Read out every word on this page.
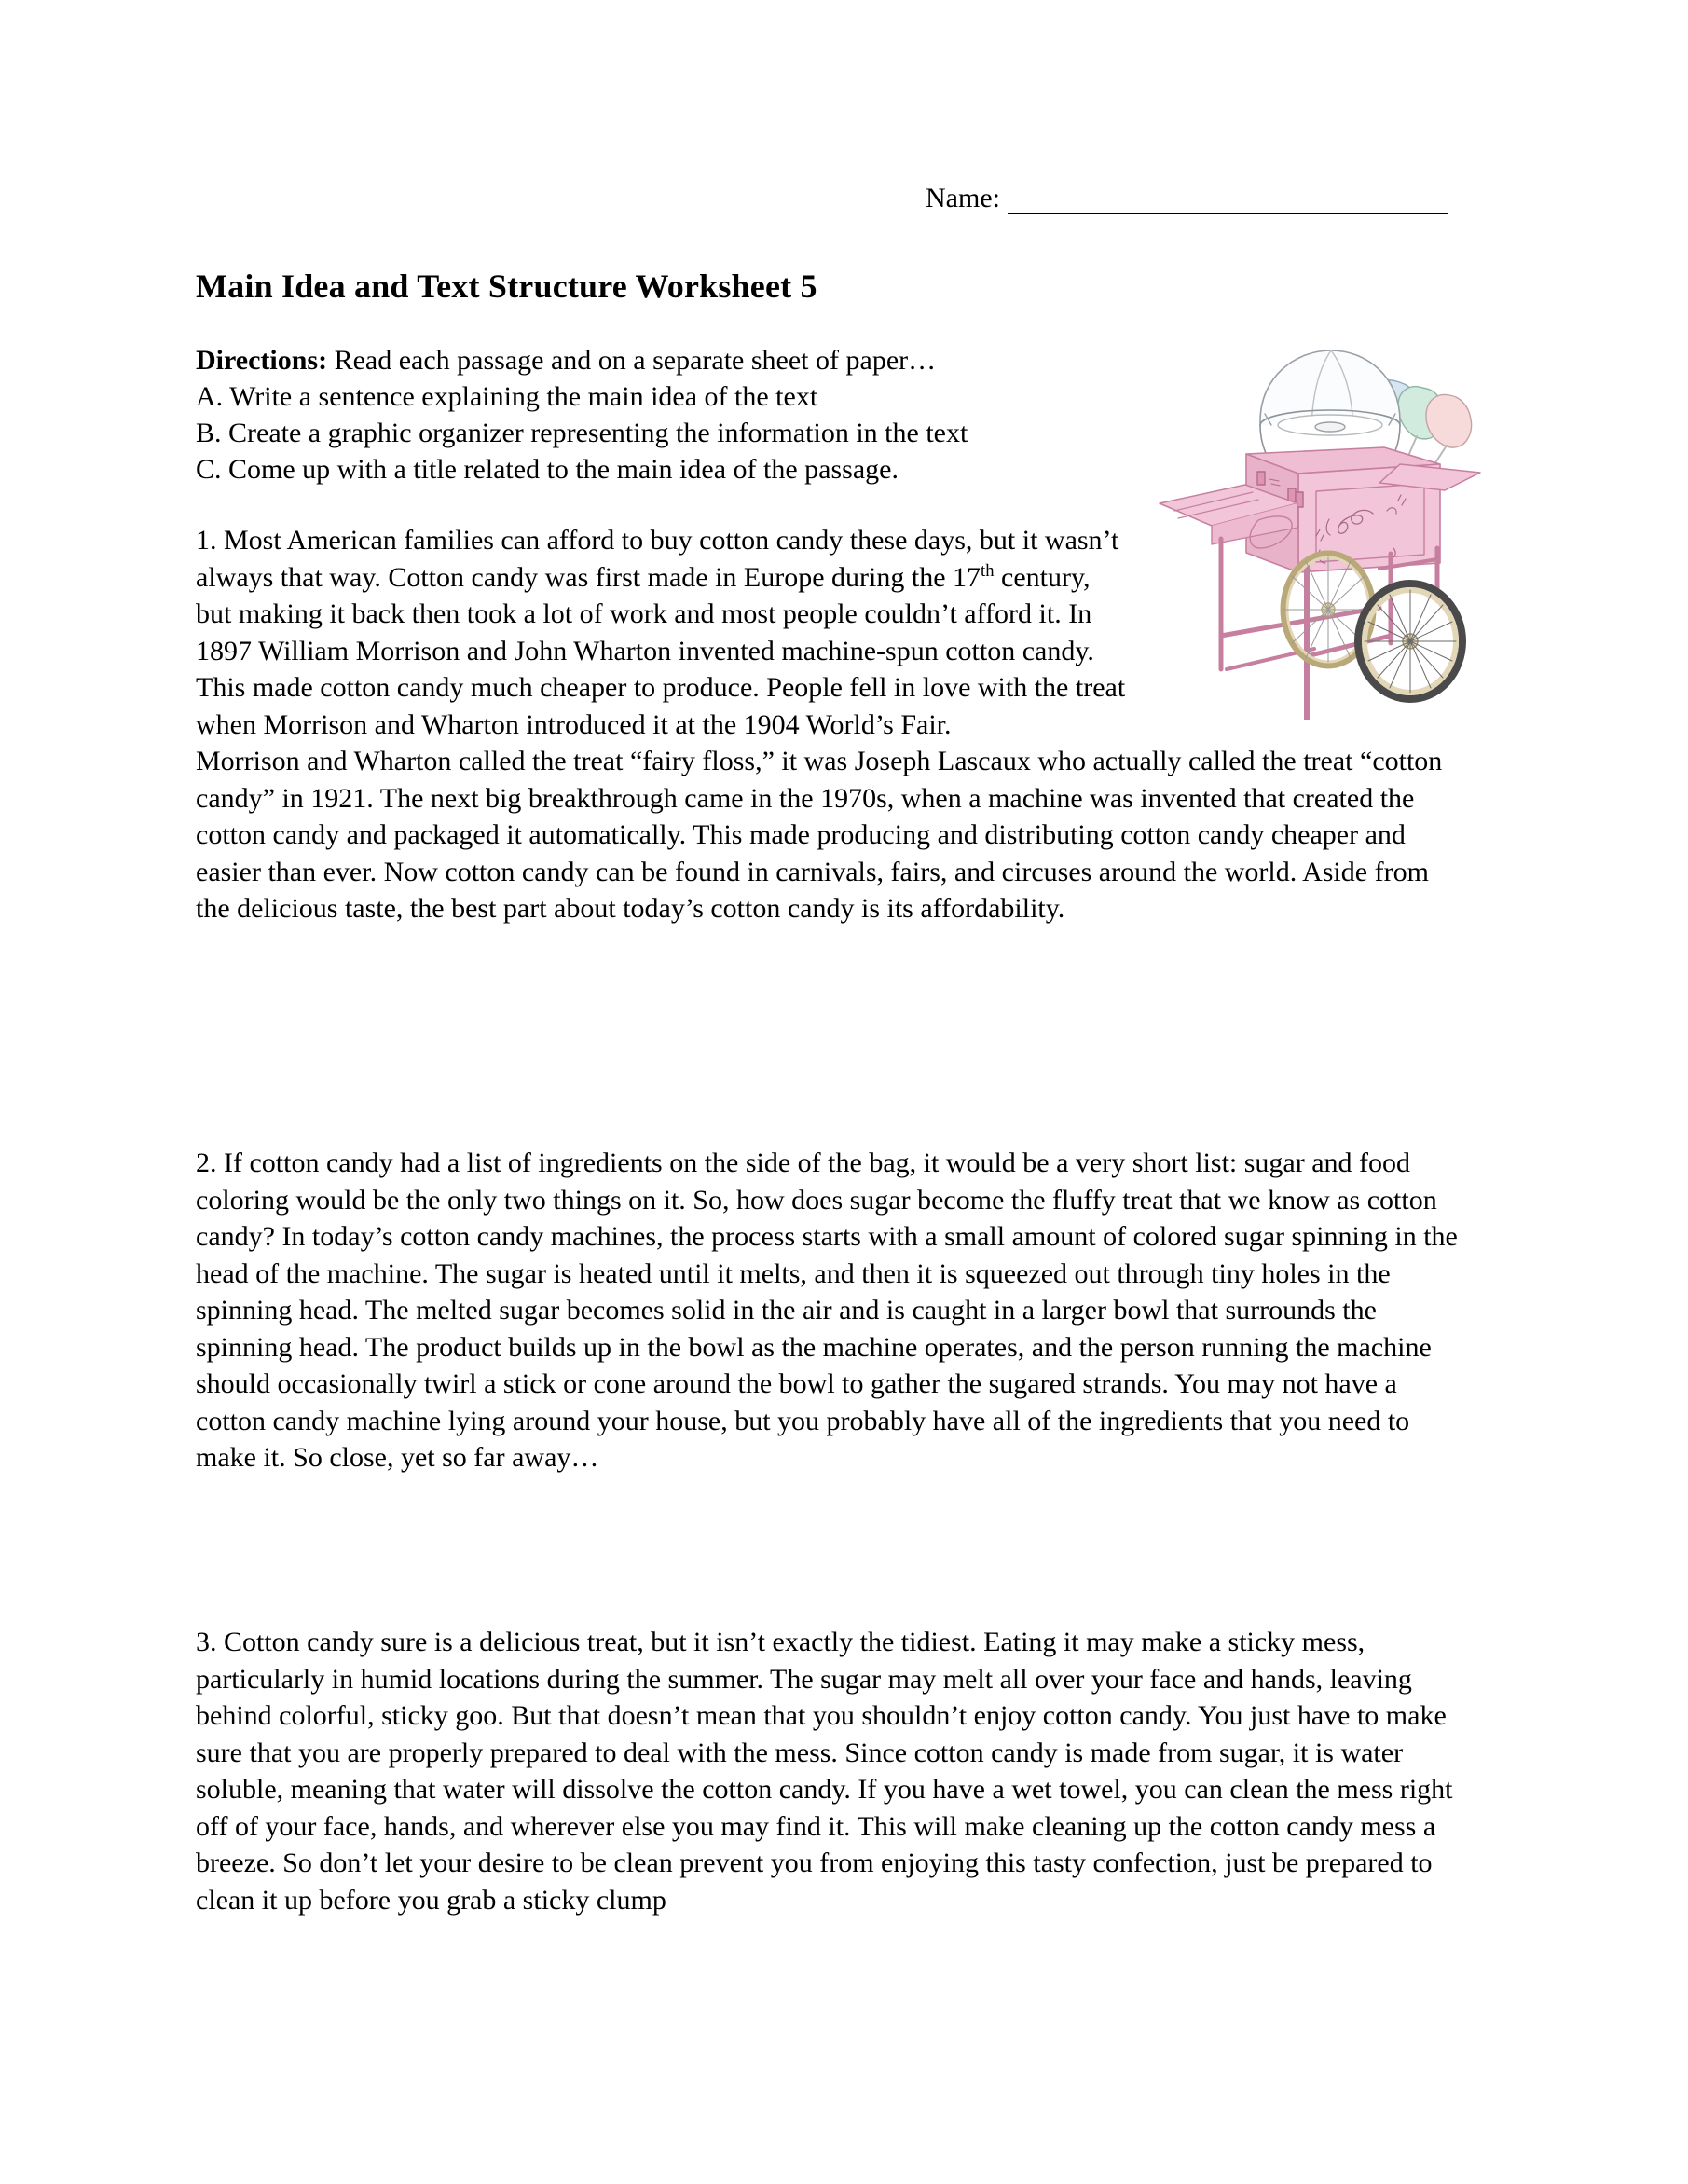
Name:
Main Idea and Text Structure Worksheet 5
Directions: Read each passage and on a separate sheet of paper…
A. Write a sentence explaining the main idea of the text
B. Create a graphic organizer representing the information in the text
C. Come up with a title related to the main idea of the passage.

1. Most American families can afford to buy cotton candy these days, but it wasn’t always that way. Cotton candy was first made in Europe during the 17th century, but making it back then took a lot of work and most people couldn’t afford it. In 1897 William Morrison and John Wharton invented machine-spun cotton candy. This made cotton candy much cheaper to produce. People fell in love with the treat when Morrison and Wharton introduced it at the 1904 World’s Fair.

Morrison and Wharton called the treat “fairy floss,” it was Joseph Lascaux who actually called the treat “cotton candy” in 1921. The next big breakthrough came in the 1970s, when a machine was invented that created the cotton candy and packaged it automatically. This made producing and distributing cotton candy cheaper and easier than ever. Now cotton candy can be found in carnivals, fairs, and circuses around the world. Aside from the delicious taste, the best part about today’s cotton candy is its affordability.

2. If cotton candy had a list of ingredients on the side of the bag, it would be a very short list: sugar and food coloring would be the only two things on it. So, how does sugar become the fluffy treat that we know as cotton candy? In today’s cotton candy machines, the process starts with a small amount of colored sugar spinning in the head of the machine. The sugar is heated until it melts, and then it is squeezed out through tiny holes in the spinning head. The melted sugar becomes solid in the air and is caught in a larger bowl that surrounds the spinning head. The product builds up in the bowl as the machine operates, and the person running the machine should occasionally twirl a stick or cone around the bowl to gather the sugared strands. You may not have a cotton candy machine lying around your house, but you probably have all of the ingredients that you need to make it. So close, yet so far away…

3. Cotton candy sure is a delicious treat, but it isn’t exactly the tidiest. Eating it may make a sticky mess, particularly in humid locations during the summer. The sugar may melt all over your face and hands, leaving behind colorful, sticky goo. But that doesn’t mean that you shouldn’t enjoy cotton candy. You just have to make sure that you are properly prepared to deal with the mess. Since cotton candy is made from sugar, it is water soluble, meaning that water will dissolve the cotton candy. If you have a wet towel, you can clean the mess right off of your face, hands, and wherever else you may find it. This will make cleaning up the cotton candy mess a breeze. So don’t let your desire to be clean prevent you from enjoying this tasty confection, just be prepared to clean it up before you grab a sticky clump
